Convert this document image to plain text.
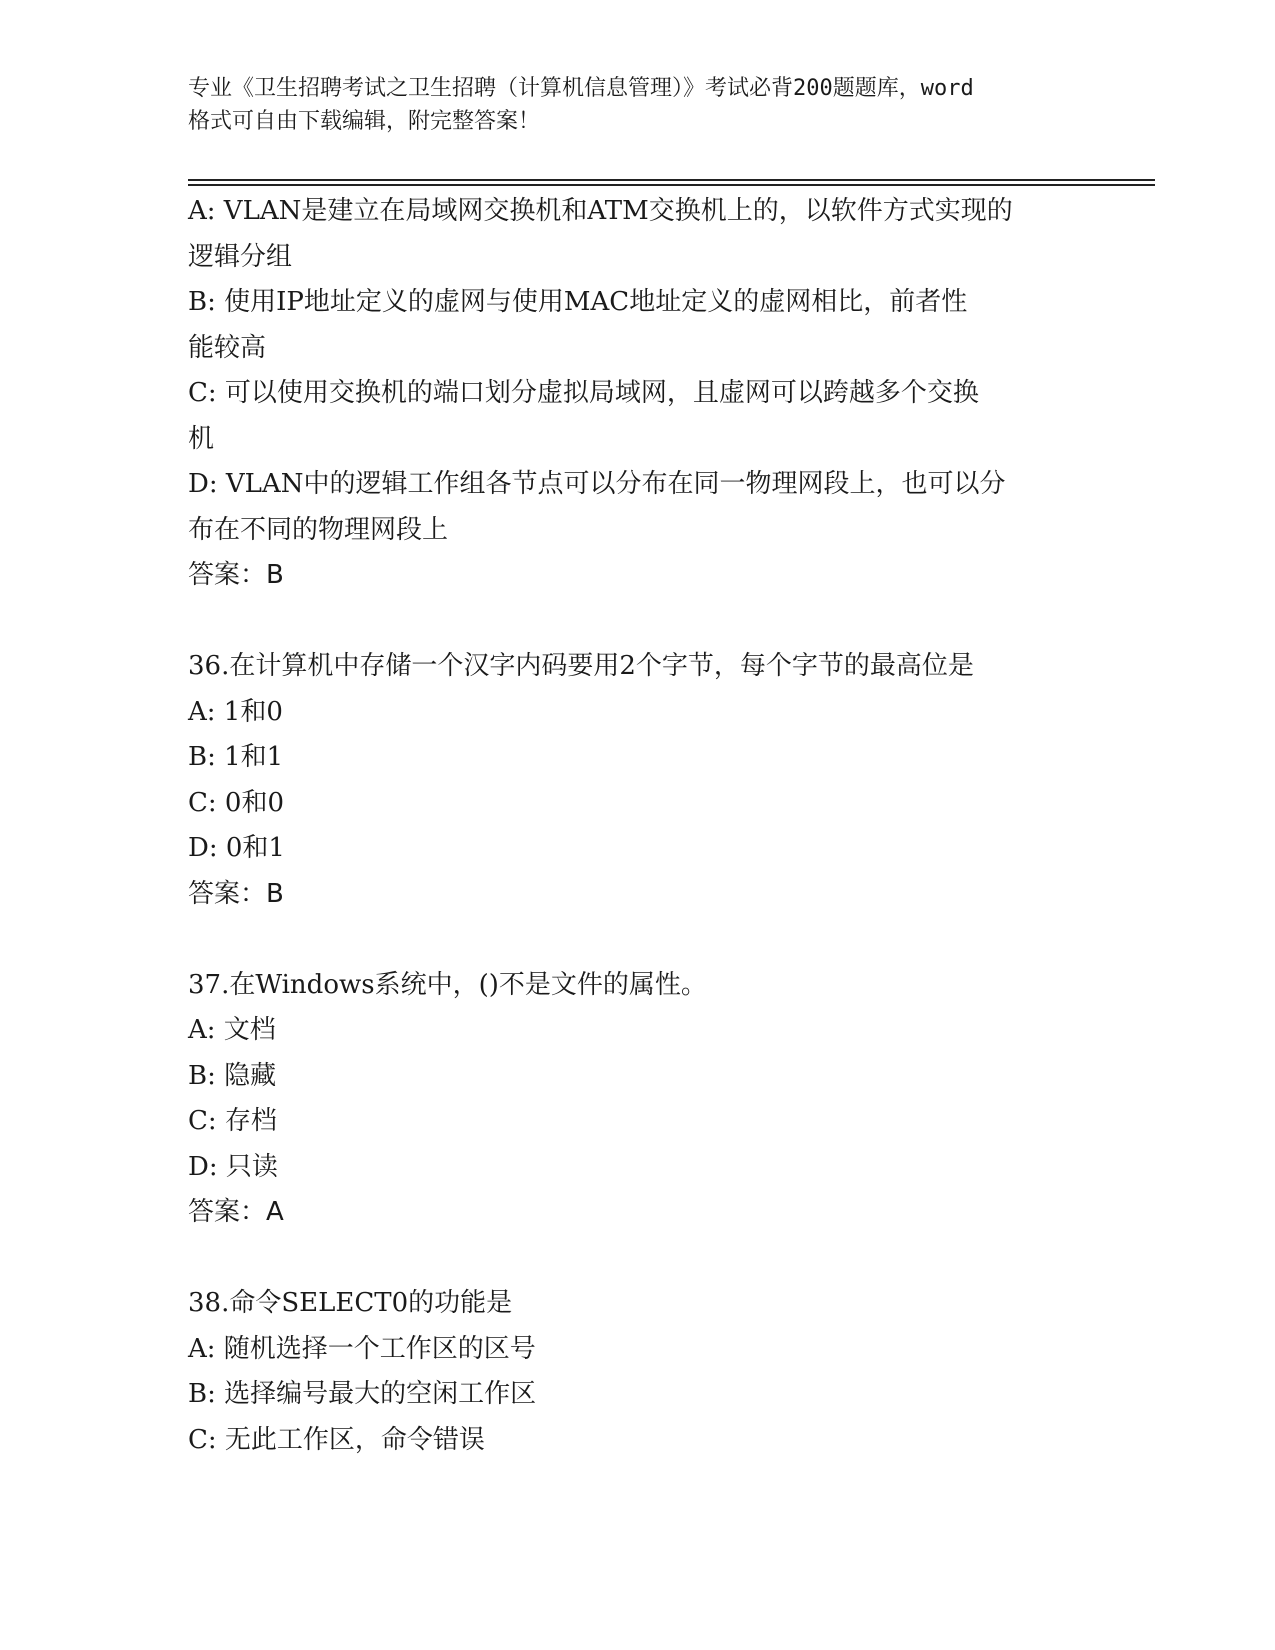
专业《卫生招聘考试之卫生招聘（计算机信息管理）》考试必背200题题库，word
格式可自由下载编辑，附完整答案！
A: VLAN是建立在局域网交换机和ATM交换机上的，以软件方式实现的
逻辑分组
B: 使用IP地址定义的虚网与使用MAC地址定义的虚网相比，前者性
能较高
C: 可以使用交换机的端口划分虚拟局域网，且虚网可以跨越多个交换
机
D: VLAN中的逻辑工作组各节点可以分布在同一物理网段上，也可以分
布在不同的物理网段上
答案：B
36.在计算机中存储一个汉字内码要用2个字节，每个字节的最高位是
A: 1和0
B: 1和1
C: 0和0
D: 0和1
答案：B
37.在Windows系统中，()不是文件的属性。
A: 文档
B: 隐藏
C: 存档
D: 只读
答案：A
38.命令SELECT0的功能是
A: 随机选择一个工作区的区号
B: 选择编号最大的空闲工作区
C: 无此工作区，命令错误
